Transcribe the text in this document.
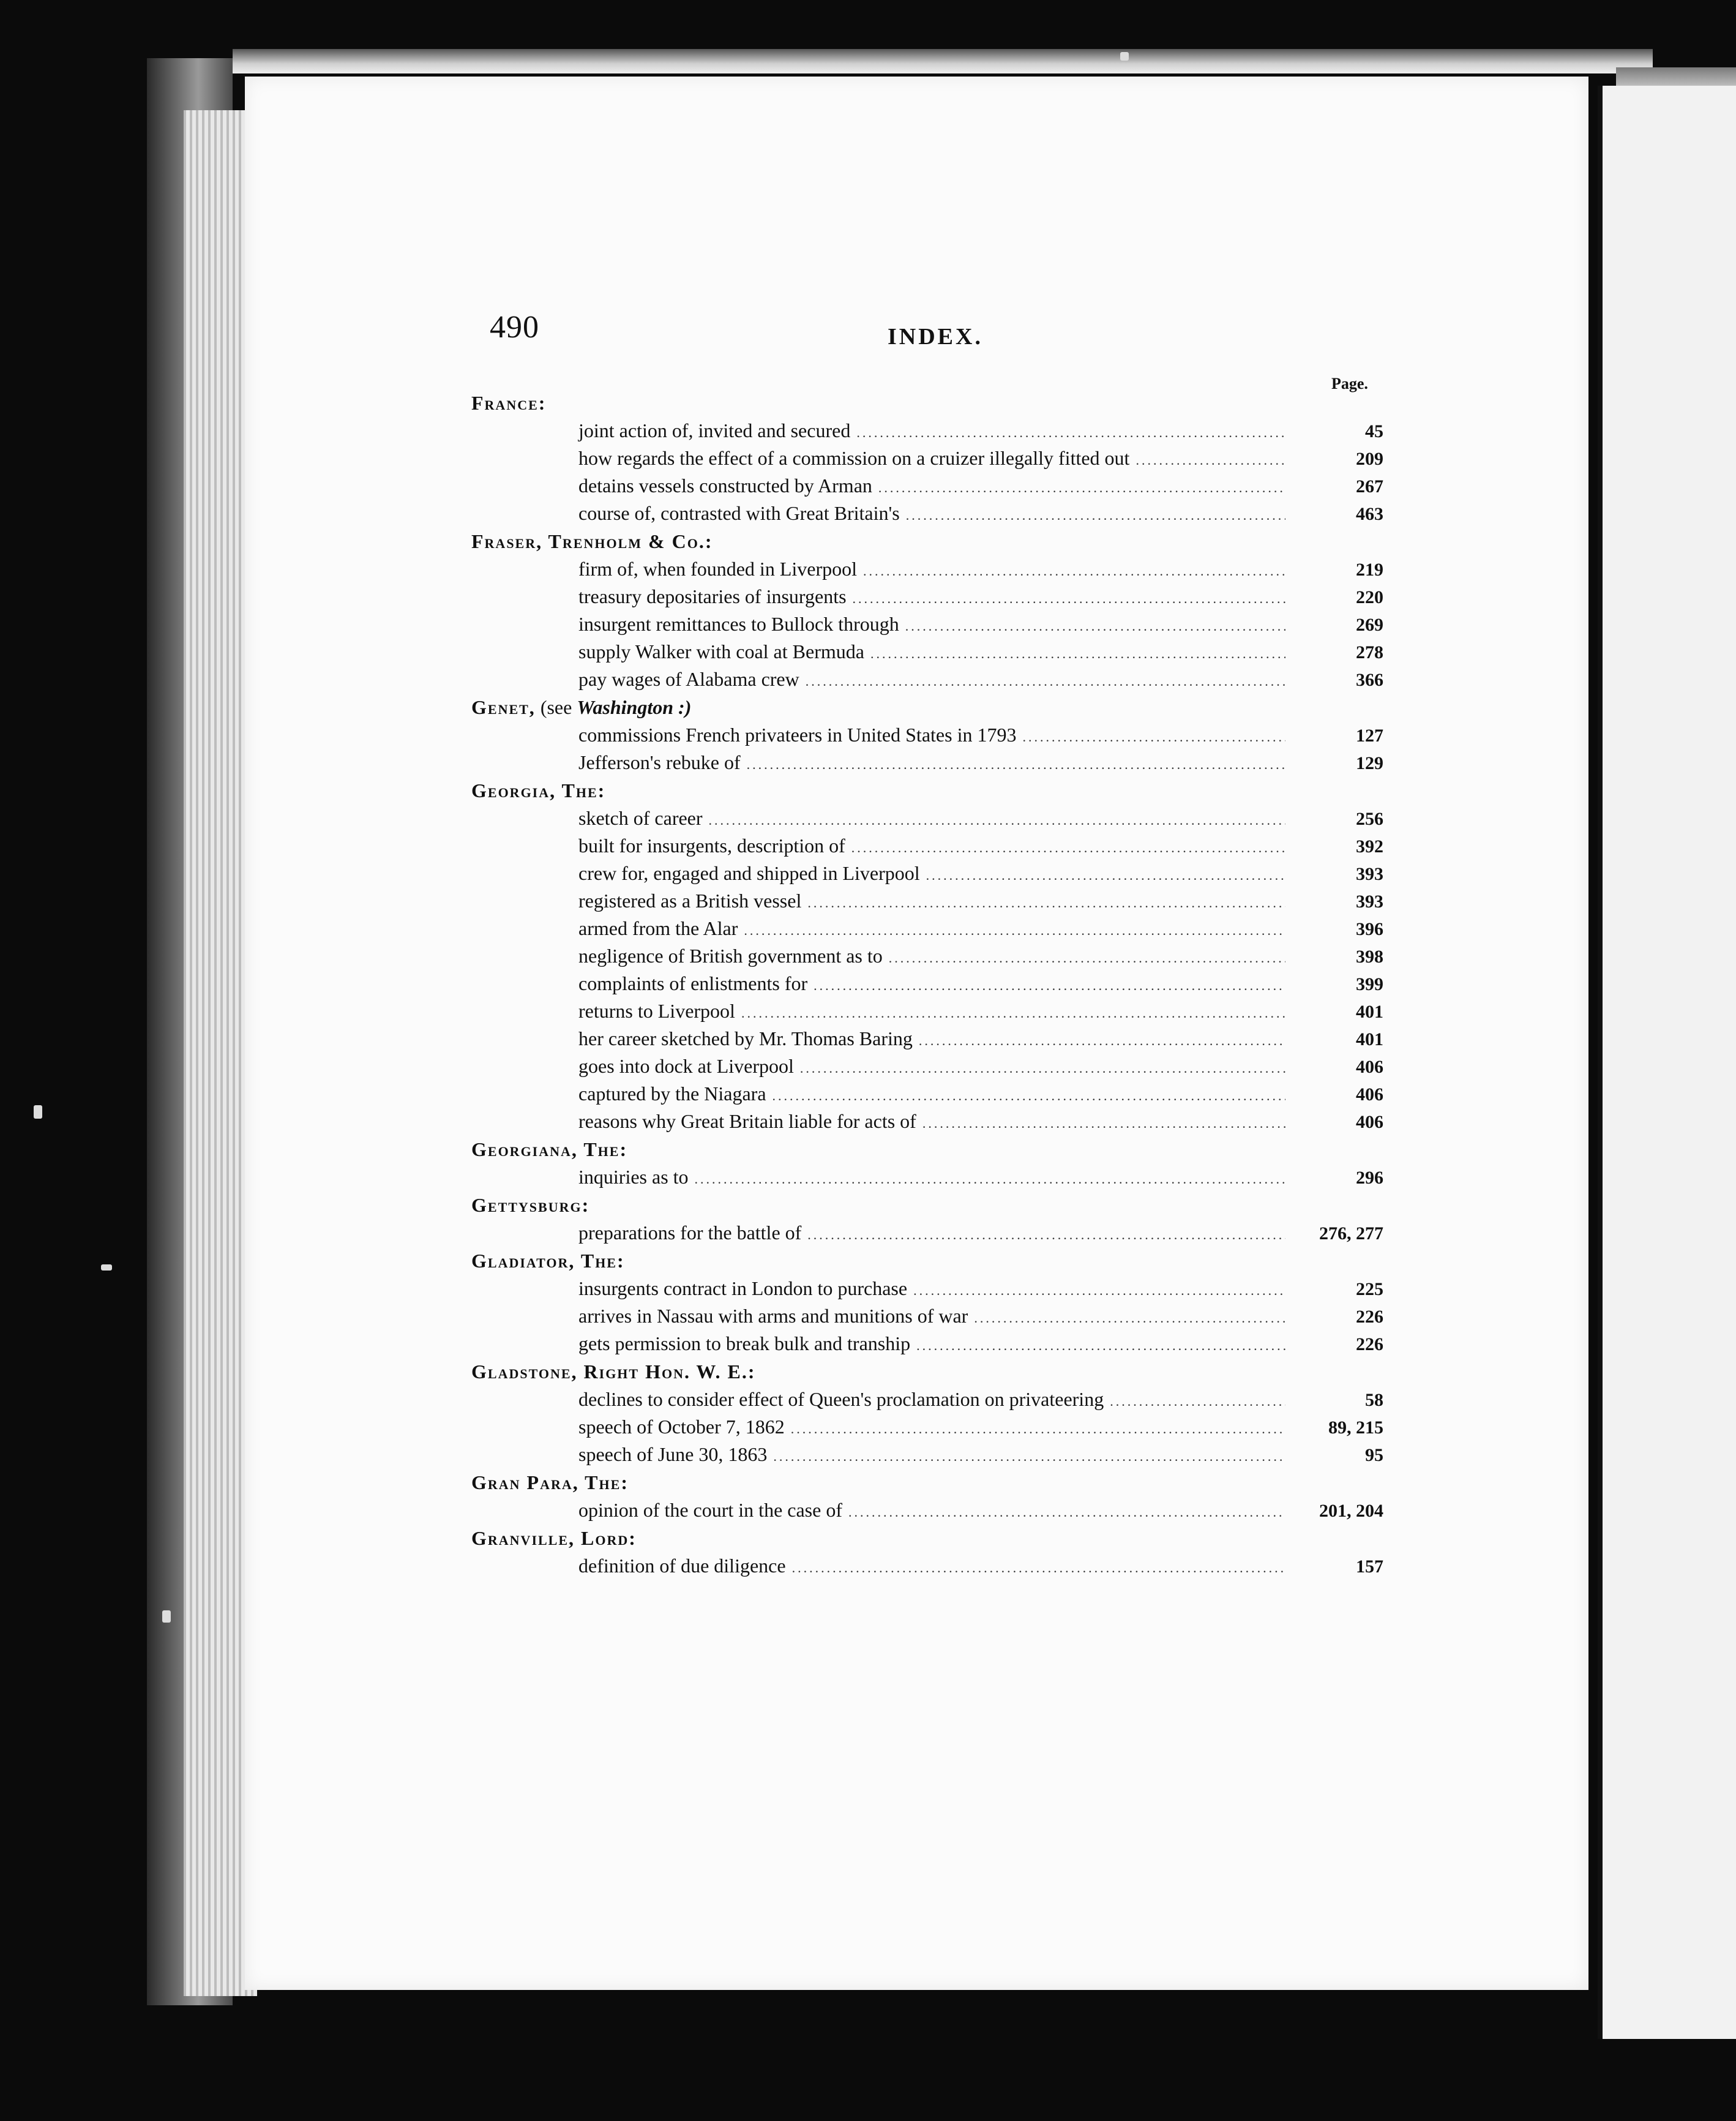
490	INDEX.
Page.
France:
joint action of, invited and secured .....	45
how regards the effect of a commission on a cruizer illegally fitted out .....	209
detains vessels constructed by Arman .....	267
course of, contrasted with Great Britain's .....	463
Fraser, Trenholm & Co.:
firm of, when founded in Liverpool .....	219
treasury depositaries of insurgents .....	220
insurgent remittances to Bullock through .....	269
supply Walker with coal at Bermuda .....	278
pay wages of Alabama crew .....	366
Genet, (see Washington :)
commissions French privateers in United States in 1793 .....	127
Jefferson's rebuke of .....	129
Georgia, The:
sketch of career .....	256
built for insurgents, description of .....	392
crew for, engaged and shipped in Liverpool .....	393
registered as a British vessel .....	393
armed from the Alar .....	396
negligence of British government as to .....	398
complaints of enlistments for .....	399
returns to Liverpool .....	401
her career sketched by Mr. Thomas Baring .....	401
goes into dock at Liverpool .....	406
captured by the Niagara .....	406
reasons why Great Britain liable for acts of .....	406
Georgiana, The:
inquiries as to .....	296
Gettysburg:
preparations for the battle of .....	276, 277
Gladiator, The:
insurgents contract in London to purchase .....	225
arrives in Nassau with arms and munitions of war .....	226
gets permission to break bulk and tranship .....	226
Gladstone, Right Hon. W. E.:
declines to consider effect of Queen's proclamation on privateering .....	58
speech of October 7, 1862 .....	89, 215
speech of June 30, 1863 .....	95
Gran Para, The:
opinion of the court in the case of .....	201, 204
Granville, Lord:
definition of due diligence .....	157
